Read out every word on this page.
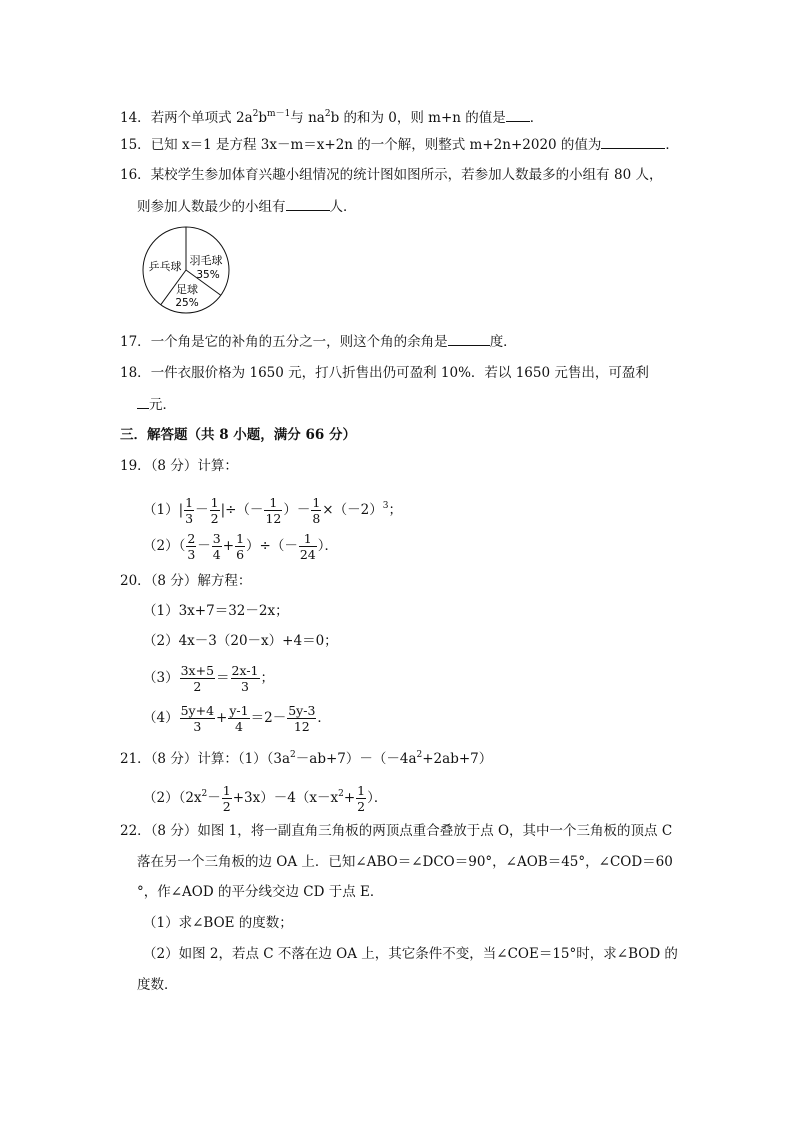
14．若两个单项式 $2a^2b^{m-1}$与 $na^2b$ 的和为 0，则 m+n 的值是 ．
15．已知 x＝1 是方程 3x－m＝x+2n 的一个解，则整式 m+2n+2020 的值为	．
16．某校学生参加体育兴趣小组情况的统计图如图所示，若参加人数最多的小组有 80 人，
则参加人数最少的小组有	人．
乒乓球 羽毛球
35%
足球
25%
17．一个角是它的补角的五分之一，则这个角的余角是	度．
18．一件衣服价格为 1650 元，打八折售出仍可盈利 10%．若以 1650 元售出，可盈利
元．
三．解答题（共 8 小题，满分 66 分）
19．（8 分）计算：
$(1)| \frac{1}{3} - \frac{1}{2}$ |÷（－ $\frac{1}{12}$ ）－ $\frac{1}{8} \times(-2)^3$；
$(2)( \frac{2}{3} - \frac{3}{4} + \frac{1}{6}$ ）÷（－ $\frac{1}{24}$ ）．
20．（8 分）解方程：
（1）3x+7＝32－2x；
（2）4x－3（20－x）+4＝0；
$(3) \frac{3x+5}{2} = \frac{2x-1}{3}$ ；
$(4) \frac{5y+4}{3} + \frac{y-1}{4} =2- \frac{5y-3}{12}$ ．
21．（8 分）计算：$(1)(3a^2-ab+7)-(-4a^2+2ab+7)$
$(2)(2x^2- \frac{1}{2} +3x)-4(x-x^2+ \frac{1}{2}$ ）．
22．（8 分）如图 1，将一副直角三角板的两顶点重合叠放于点 O，其中一个三角板的顶点 C
落在另一个三角板的边 OA 上．已知∠ABO＝∠DCO＝90°，∠AOB＝45°，∠COD＝60
°，作∠AOD 的平分线交边 CD 于点 E．
（1）求∠BOE 的度数；
（2）如图 2，若点 C 不落在边 OA 上，其它条件不变，当∠COE＝15°时，求∠BOD 的
度数．
